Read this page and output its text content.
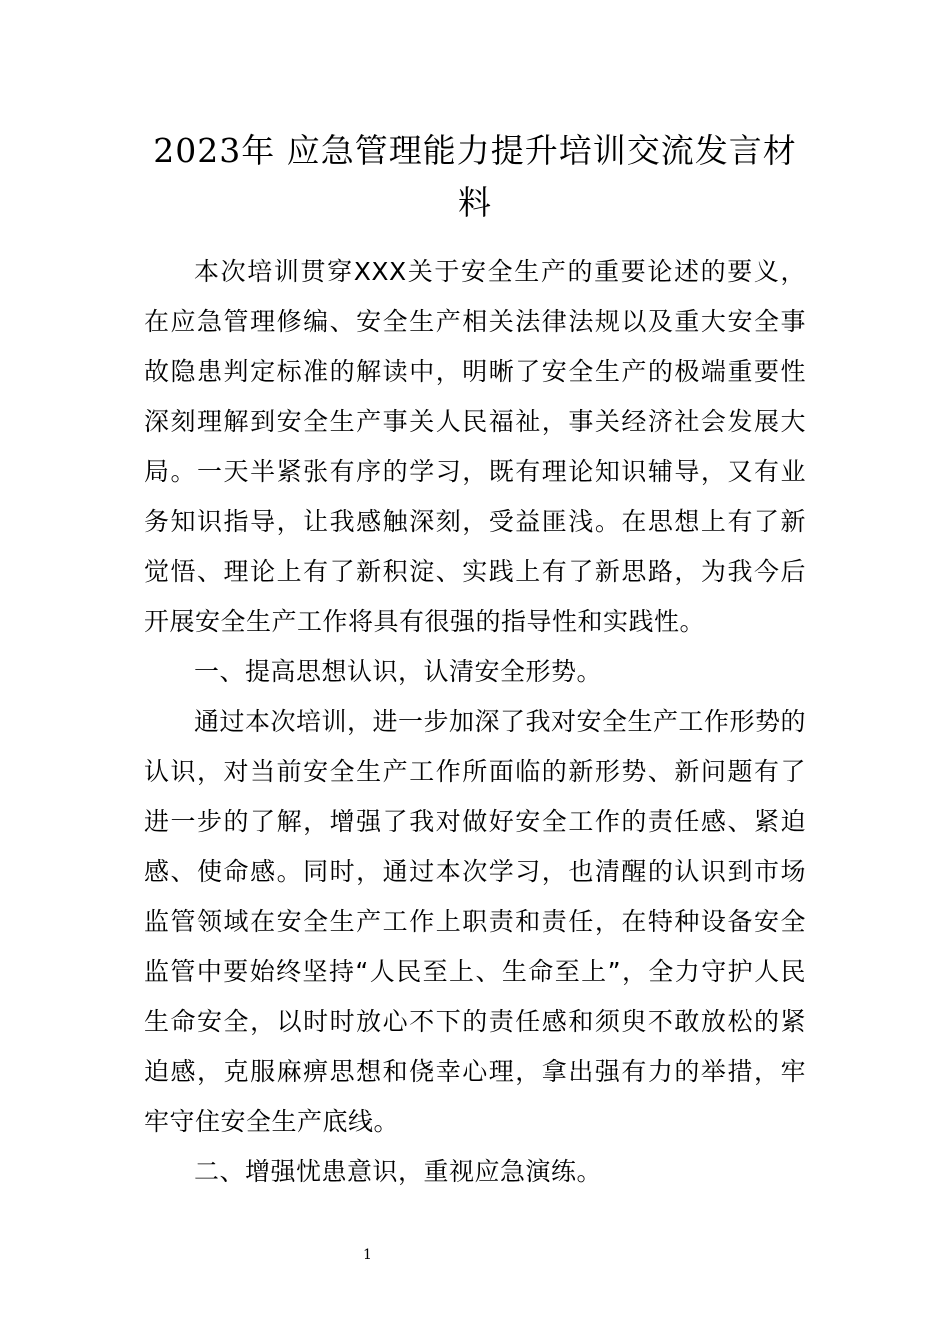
2023年 应急管理能力提升培训交流发言材料

本次培训贯穿XXX关于安全生产的重要论述的要义，在应急管理修编、安全生产相关法律法规以及重大安全事故隐患判定标准的解读中，明晰了安全生产的极端重要性深刻理解到安全生产事关人民福祉，事关经济社会发展大局。一天半紧张有序的学习，既有理论知识辅导，又有业务知识指导，让我感触深刻，受益匪浅。在思想上有了新觉悟、理论上有了新积淀、实践上有了新思路，为我今后开展安全生产工作将具有很强的指导性和实践性。

一、提高思想认识，认清安全形势。

通过本次培训，进一步加深了我对安全生产工作形势的认识，对当前安全生产工作所面临的新形势、新问题有了进一步的了解，增强了我对做好安全工作的责任感、紧迫感、使命感。同时，通过本次学习，也清醒的认识到市场监管领域在安全生产工作上职责和责任，在特种设备安全监管中要始终坚持“人民至上、生命至上”，全力守护人民生命安全，以时时放心不下的责任感和须臾不敢放松的紧迫感，克服麻痹思想和侥幸心理，拿出强有力的举措，牢牢守住安全生产底线。

二、增强忧患意识，重视应急演练。

1
